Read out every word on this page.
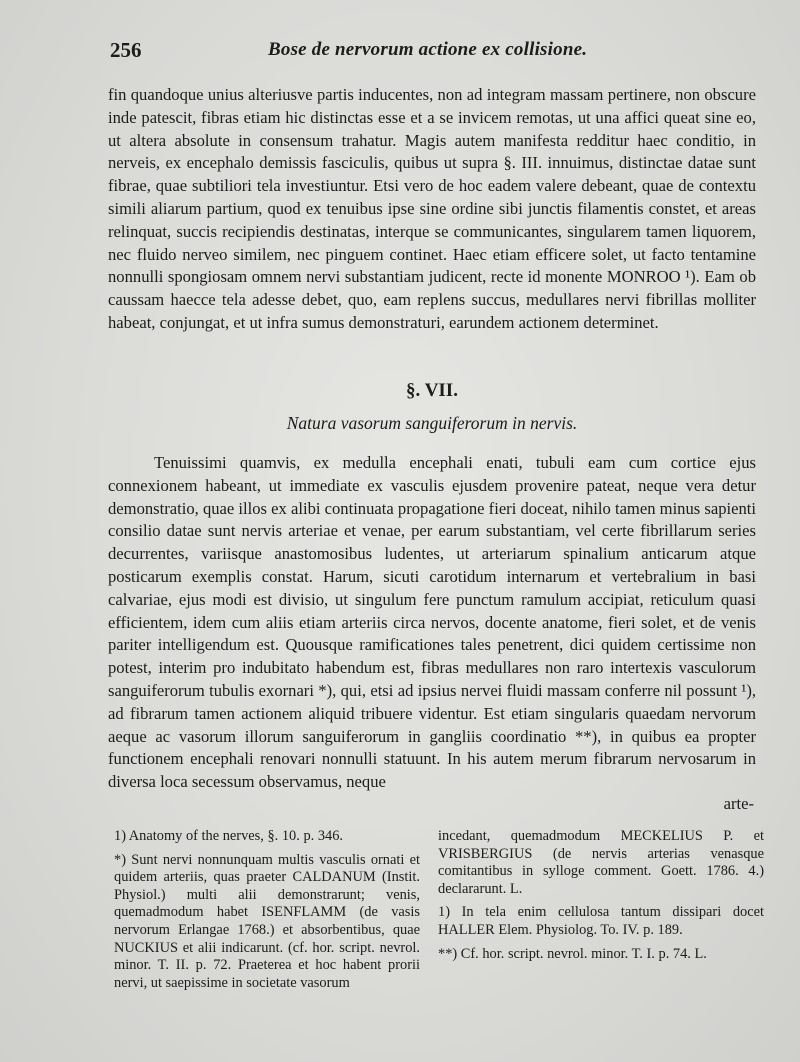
256	Bose de nervorum actione ex collisione.
fin quandoque unius alteriusve partis inducentes, non ad integram massam pertinere, non obscure inde patescit, fibras etiam hic distinctas esse et a se invicem remotas, ut una affici queat sine eo, ut altera absolute in consensum trahatur. Magis autem manifesta redditur haec conditio, in nerveis, ex encephalo demissis fasciculis, quibus ut supra §. III. innuimus, distinctae datae sunt fibrae, quae subtiliori tela investiuntur. Etsi vero de hoc eadem valere debeant, quae de contextu simili aliarum partium, quod ex tenuibus ipse sine ordine sibi junctis filamentis constet, et areas relinquat, succis recipiendis destinatas, interque se communicantes, singularem tamen liquorem, nec fluido nerveo similem, nec pinguem continet. Haec etiam efficere solet, ut facto tentamine nonnulli spongiosam omnem nervi substantiam judicent, recte id monente MONROO ¹). Eam ob caussam haecce tela adesse debet, quo, eam replens succus, medullares nervi fibrillas molliter habeat, conjungat, et ut infra sumus demonstraturi, earundem actionem determinet.
§. VII.
Natura vasorum sanguiferorum in nervis.
Tenuissimi quamvis, ex medulla encephali enati, tubuli eam cum cortice ejus connexionem habeant, ut immediate ex vasculis ejusdem provenire pateat, neque vera detur demonstratio, quae illos ex alibi continuata propagatione fieri doceat, nihilo tamen minus sapienti consilio datae sunt nervis arteriae et venae, per earum substantiam, vel certe fibrillarum series decurrentes, variisque anastomosibus ludentes, ut arteriarum spinalium anticarum atque posticarum exemplis constat. Harum, sicuti carotidum internarum et vertebralium in basi calvariae, ejus modi est divisio, ut singulum fere punctum ramulum accipiat, reticulum quasi efficientem, idem cum aliis etiam arteriis circa nervos, docente anatome, fieri solet, et de venis pariter intelligendum est. Quousque ramificationes tales penetrent, dici quidem certissime non potest, interim pro indubitato habendum est, fibras medullares non raro intertexis vasculorum sanguiferorum tubulis exornari *), qui, etsi ad ipsius nervei fluidi massam conferre nil possunt ¹), ad fibrarum tamen actionem aliquid tribuere videntur. Est etiam singularis quaedam nervorum aeque ac vasorum illorum sanguiferorum in gangliis coordinatio **), in quibus ea propter functionem encephali renovari nonnulli statuunt. In his autem merum fibrarum nervosarum in diversa loca secessum observamus, neque
arte-

1) Anatomy of the nerves, §. 10. p. 346.

*) Sunt nervi nonnunquam multis vasculis ornati et quidem arteriis, quas praeter CALDANUM (Instit. Physiol.) multi alii demonstrarunt; venis, quemadmodum habet ISENFLAMM (de vasis nervorum Erlangae 1768.) et absorbentibus, quae NUCKIUS et alii indicarunt. (cf. hor. script. nevrol. minor. T. II. p. 72. Praeterea et hoc habent prorii nervi, ut saepissime in societate vasorum

incedant, quemadmodum MECKELIUS P. et VRISBERGIUS (de nervis arterias venasque comitantibus in sylloge comment. Goett. 1786. 4.) declararunt. L.

1) In tela enim cellulosa tantum dissipari docet HALLER Elem. Physiolog. To. IV. p. 189.

**) Cf. hor. script. nevrol. minor. T. I. p. 74. L.
